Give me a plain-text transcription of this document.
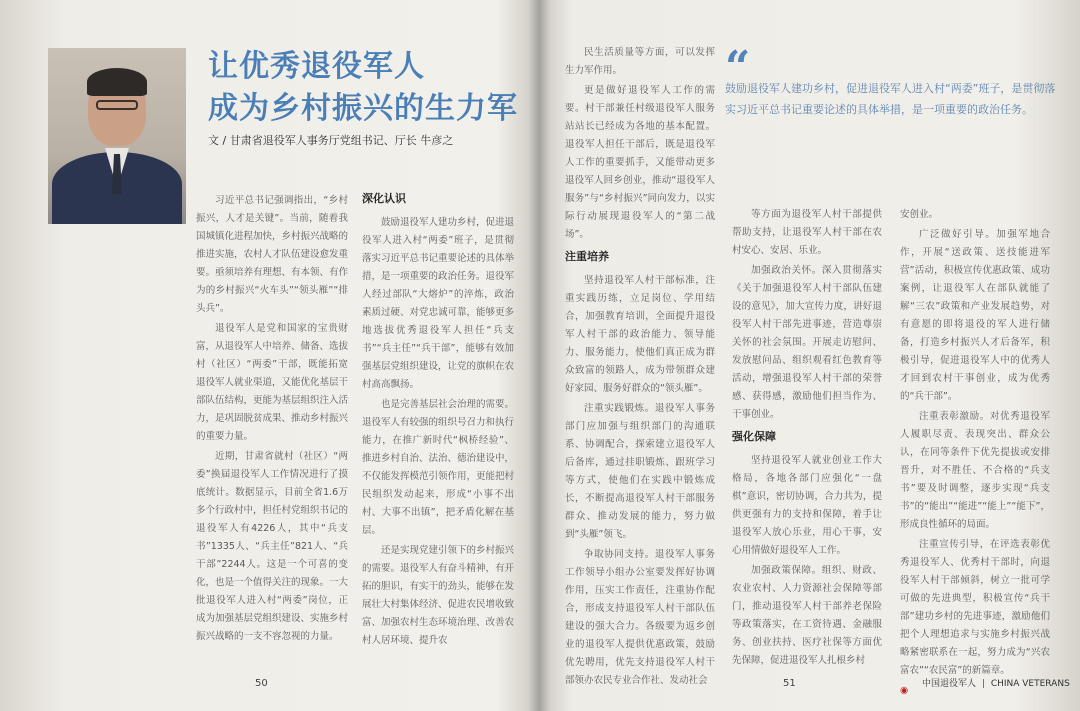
让优秀退役军人
成为乡村振兴的生力军
文 / 甘肃省退役军人事务厅党组书记、厅长 牛彦之

习近平总书记强调指出，“乡村振兴，人才是关键”。当前，随着我国城镇化进程加快，乡村振兴战略的推进实施，农村人才队伍建设愈发重要。亟须培养有理想、有本领、有作为的乡村振兴“火车头”“领头雁”“排头兵”。

退役军人是党和国家的宝贵财富，从退役军人中培养、储备、选拔村（社区）“两委”干部，既能拓宽退役军人就业渠道，又能优化基层干部队伍结构，更能为基层组织注入活力，是巩固脱贫成果、推动乡村振兴的重要力量。

近期，甘肃省就村（社区）“两委”换届退役军人工作情况进行了摸底统计。数据显示，目前全省1.6万多个行政村中，担任村党组织书记的退役军人有4226人，其中“兵支书”1335人、“兵主任”821人、“兵干部”2244人。这是一个可喜的变化，也是一个值得关注的现象。一大批退役军人进入村“两委”岗位，正成为加强基层党组织建设、实施乡村振兴战略的一支不容忽视的力量。

深化认识

鼓励退役军人建功乡村，促进退役军人进入村“两委”班子，是贯彻落实习近平总书记重要论述的具体举措，是一项重要的政治任务。退役军人经过部队“大熔炉”的淬炼，政治素质过硬、对党忠诚可靠，能够更多地选拔优秀退役军人担任“兵支书”“兵主任”“兵干部”，能够有效加强基层党组织建设，让党的旗帜在农村高高飘扬。

也是完善基层社会治理的需要。退役军人有较强的组织号召力和执行能力，在推广新时代“枫桥经验”、推进乡村自治、法治、德治建设中，不仅能发挥模范引领作用，更能把村民组织发动起来，形成“小事不出村、大事不出镇”，把矛盾化解在基层。

还是实现党建引领下的乡村振兴的需要。退役军人有奋斗精神，有开拓的胆识，有实干的劲头，能够在发展壮大村集体经济、促进农民增收致富、加强农村生态环境治理、改善农村人居环境、提升农

50

民生活质量等方面，可以发挥生力军作用。

更是做好退役军人工作的需要。村干部兼任村级退役军人服务站站长已经成为各地的基本配置。退役军人担任干部后，既是退役军人工作的重要抓手，又能带动更多退役军人回乡创业，推动“退役军人服务”与“乡村振兴”同向发力，以实际行动展现退役军人的“第二战场”。

注重培养

坚持退役军人村干部标准，注重实践历练，立足岗位、学用结合，加强教育培训，全面提升退役军人村干部的政治能力、领导能力、服务能力，使他们真正成为群众致富的领路人，成为带领群众建好家园、服务好群众的“领头雁”。

注重实践锻炼。退役军人事务部门应加强与组织部门的沟通联系、协调配合，探索建立退役军人后备库，通过挂职锻炼、跟班学习等方式，使他们在实践中锻炼成长，不断提高退役军人村干部服务群众、推动发展的能力，努力做到“头雁”领飞。

争取协同支持。退役军人事务工作领导小组办公室要发挥好协调作用，压实工作责任，注重协作配合，形成支持退役军人村干部队伍建设的强大合力。各级要为返乡创业的退役军人提供优惠政策，鼓励优先聘用，优先支持退役军人村干部领办农民专业合作社、发动社会

“
鼓励退役军人建功乡村，促进退役军人进入村“两委”班子，是贯彻落实习近平总书记重要论述的具体举措，是一项重要的政治任务。

等方面为退役军人村干部提供帮助支持，让退役军人村干部在农村安心、安居、乐业。

加强政治关怀。深入贯彻落实《关于加强退役军人村干部队伍建设的意见》，加大宣传力度，讲好退役军人村干部先进事迹，营造尊崇关怀的社会氛围。开展走访慰问、发放慰问品、组织观看红色教育等活动，增强退役军人村干部的荣誉感、获得感，激励他们担当作为、干事创业。

强化保障

坚持退役军人就业创业工作大格局，各地各部门应强化“一盘棋”意识，密切协调，合力共为，提供更强有力的支持和保障，着手让退役军人放心乐业，用心干事，安心用情做好退役军人工作。

加强政策保障。组织、财政、农业农村、人力资源社会保障等部门，推动退役军人村干部养老保险等政策落实，在工资待遇、金融服务、创业扶持、医疗社保等方面优先保障，促进退役军人扎根乡村

安创业。

广泛做好引导。加强军地合作，开展“送政策、送技能进军营”活动，积极宣传优惠政策、成功案例，让退役军人在部队就能了解“三农”政策和产业发展趋势，对有意愿的即将退役的军人进行储备，打造乡村振兴人才后备军，积极引导，促进退役军人中的优秀人才回到农村干事创业，成为优秀的“兵干部”。

注重表彰激励。对优秀退役军人履职尽责、表现突出、群众公认，在同等条件下优先提拔或安排晋升，对不胜任、不合格的“兵支书”要及时调整，逐步实现“兵支书”的“能出”“能进”“能上”“能下”，形成良性循环的局面。

注重宣传引导，在评选表彰优秀退役军人、优秀村干部时，向退役军人村干部倾斜，树立一批可学可做的先进典型，积极宣传“兵干部”建功乡村的先进事迹，激励他们把个人理想追求与实施乡村振兴战略紧密联系在一起，努力成为“兴农富农”“农民富”的新篇章。

◉
51	中国退役军人 | CHINA VETERANS
